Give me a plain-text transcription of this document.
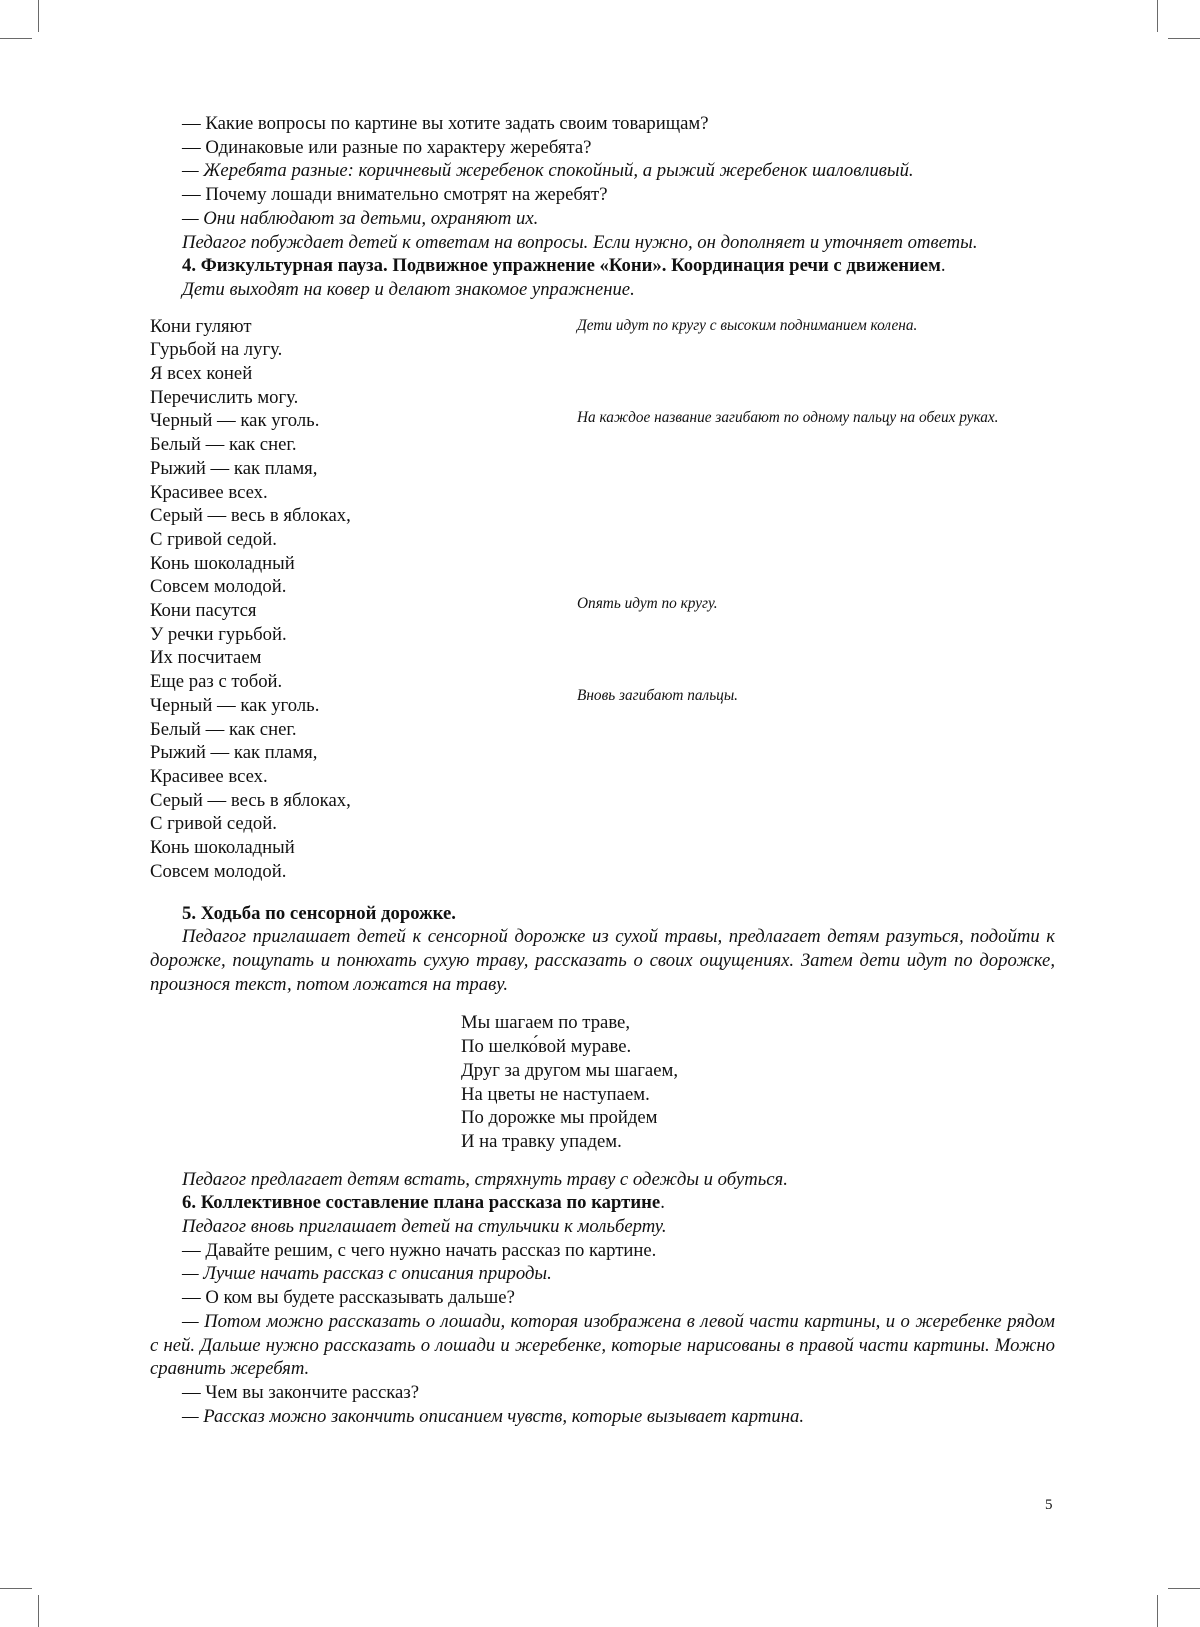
— Какие вопросы по картине вы хотите задать своим товарищам?

— Одинаковые или разные по характеру жеребята?

— Жеребята разные: коричневый жеребенок спокойный, а рыжий жеребенок шаловливый.

— Почему лошади внимательно смотрят на жеребят?

— Они наблюдают за детьми, охраняют их.

Педагог побуждает детей к ответам на вопросы. Если нужно, он дополняет и уточняет ответы.

4. Физкультурная пауза. Подвижное упражнение «Кони». Координация речи с движением.

Дети выходят на ковер и делают знакомое упражнение.

Кони гуляют
Гурьбой на лугу.
Я всех коней
Перечислить могу.
Черный — как уголь.
Белый — как снег.
Рыжий — как пламя,
Красивее всех.
Серый — весь в яблоках,
С гривой седой.
Конь шоколадный
Совсем молодой.
Кони пасутся
У речки гурьбой.
Их посчитаем
Еще раз с тобой.
Черный — как уголь.
Белый — как снег.
Рыжий — как пламя,
Красивее всех.
Серый — весь в яблоках,
С гривой седой.
Конь шоколадный
Совсем молодой.
Дети идут по кругу с высоким подниманием колена.
На каждое название загибают по одному пальцу на обеих руках.
Опять идут по кругу.
Вновь загибают пальцы.

5. Ходьба по сенсорной дорожке.

Педагог приглашает детей к сенсорной дорожке из сухой травы, предлагает детям разуться, подойти к дорожке, пощупать и понюхать сухую траву, рассказать о своих ощущениях. Затем дети идут по дорожке, произнося текст, потом ложатся на траву.

Мы шагаем по траве,
По шелко́вой мураве.
Друг за другом мы шагаем,
На цветы не наступаем.
По дорожке мы пройдем
И на травку упадем.

Педагог предлагает детям встать, стряхнуть траву с одежды и обуться.

6. Коллективное составление плана рассказа по картине.

Педагог вновь приглашает детей на стульчики к мольберту.
— Давайте решим, с чего нужно начать рассказ по картине.
— Лучше начать рассказ с описания природы.
— О ком вы будете рассказывать дальше?
— Потом можно рассказать о лошади, которая изображена в левой части картины, и о жеребенке рядом с ней. Дальше нужно рассказать о лошади и жеребенке, которые нарисованы в правой части картины. Можно сравнить жеребят.
— Чем вы закончите рассказ?
— Рассказ можно закончить описанием чувств, которые вызывает картина.
5
